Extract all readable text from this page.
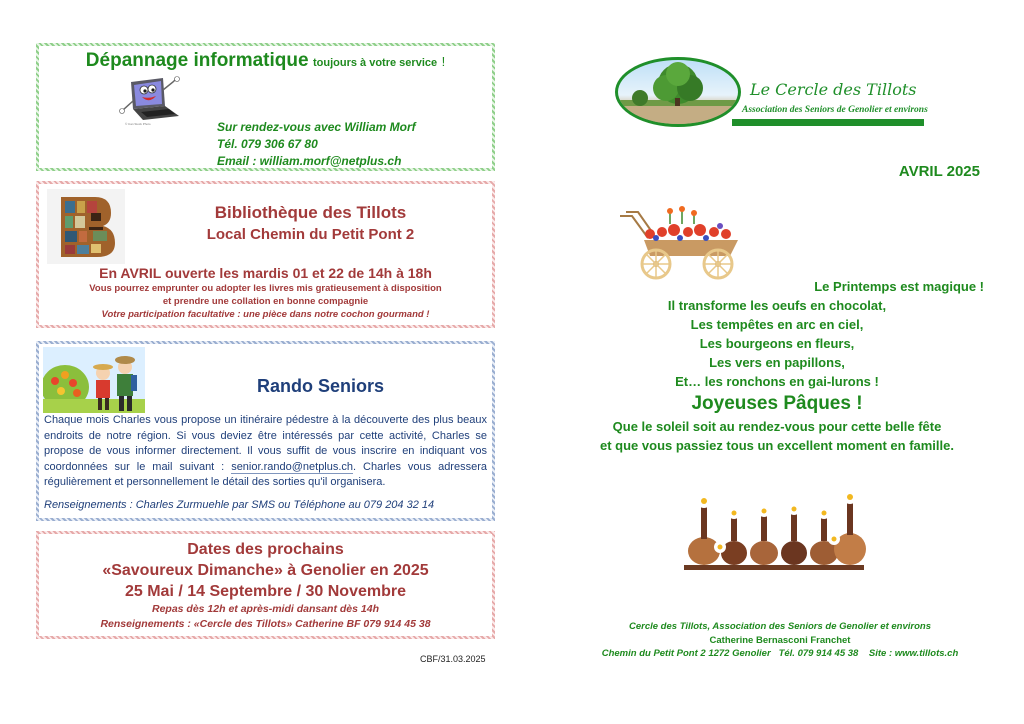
Dépannage informatique toujours à votre service !
© Can Stock Photo	Sur rendez-vous avec William Morf
Tél. 079 306 67 80
Email : william.morf@netplus.ch
Bibliothèque des Tillots
Local Chemin du Petit Pont 2
En AVRIL ouverte les mardis 01 et 22 de 14h à 18h
Vous pourrez emprunter ou adopter les livres mis gratieusement à disposition
et prendre une collation en bonne compagnie
Votre participation facultative : une pièce dans notre cochon gourmand !
Rando Seniors
Chaque mois Charles vous propose un itinéraire pédestre à la découverte des plus beaux endroits de notre région. Si vous deviez être intéressés par cette activité, Charles se propose de vous informer directement. Il vous suffit de vous inscrire en indiquant vos coordonnées sur le mail suivant : senior.rando@netplus.ch. Charles vous adressera régulièrement et personnellement le détail des sorties qu'il organisera.
Renseignements : Charles Zurmuehle par SMS ou Téléphone au 079 204 32 14
Dates des prochains
«Savoureux Dimanche» à Genolier en 2025
25 Mai / 14 Septembre / 30 Novembre
Repas dès 12h et après-midi dansant dès 14h
Renseignements : «Cercle des Tillots» Catherine BF 079 914 45 38
CBF/31.03.2025
Le Cercle des Tillots
Association des Seniors de Genolier et environs
AVRIL 2025
Le Printemps est magique !
Il transforme les oeufs en chocolat,
Les tempêtes en arc en ciel,
Les bourgeons en fleurs,
Les vers en papillons,
Et… les ronchons en gai-lurons !
Joyeuses Pâques !
Que le soleil soit au rendez-vous pour cette belle fête
et que vous passiez tous un excellent moment en famille.
Cercle des Tillots, Association des Seniors de Genolier et environs
Catherine Bernasconi Franchet
Chemin du Petit Pont 2 1272 Genolier   Tél. 079 914 45 38    Site : www.tillots.ch
